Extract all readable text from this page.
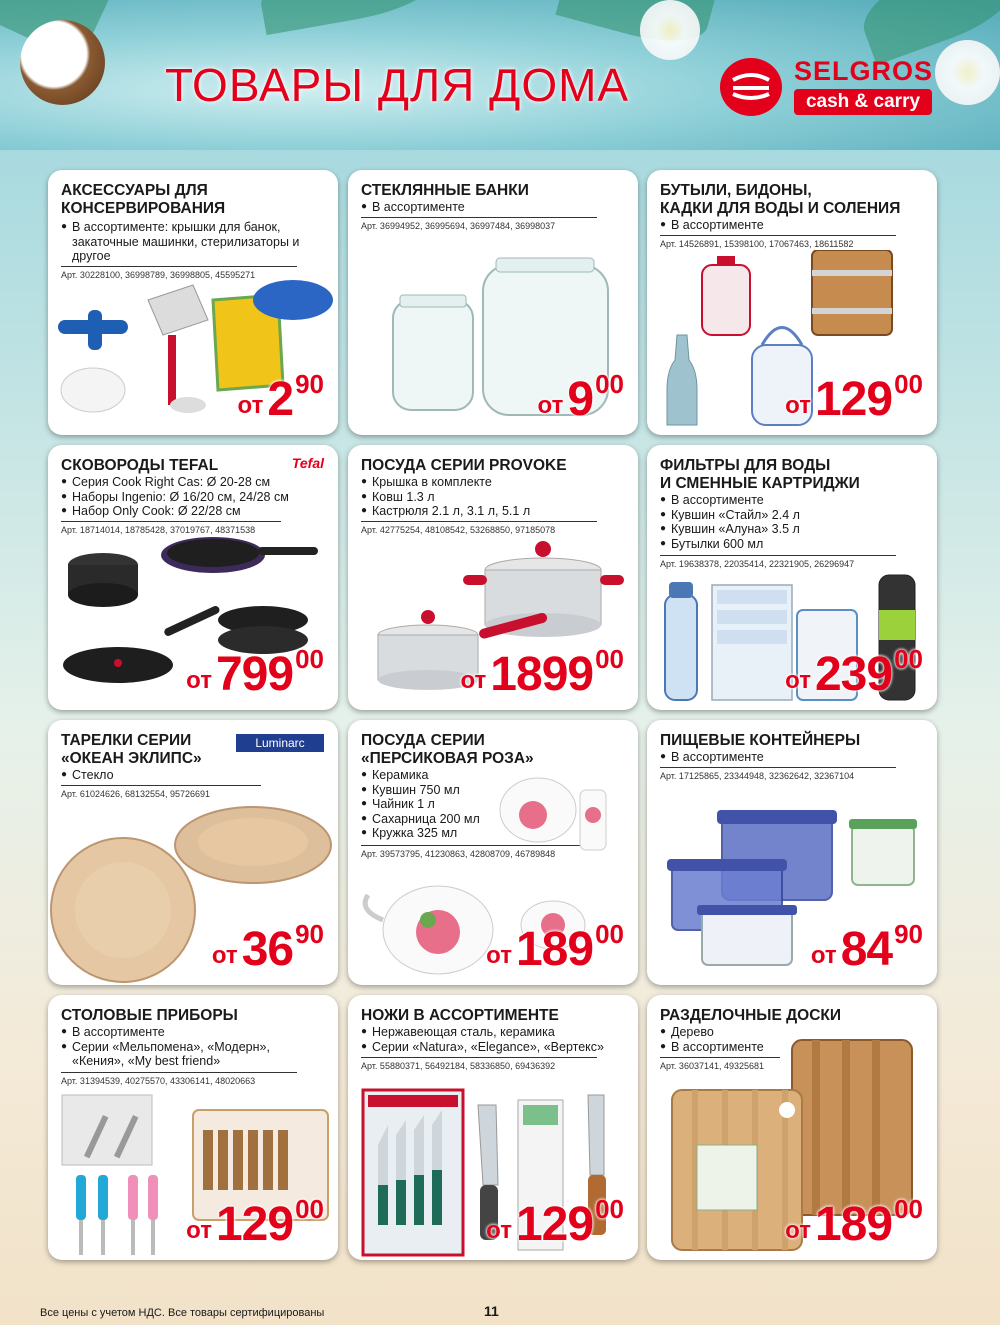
ТОВАРЫ ДЛЯ ДОМА	SELGROS
cash & carry
АКСЕССУАРЫ ДЛЯ
КОНСЕРВИРОВАНИЯ
● В ассортименте: крышки для банок, закаточные машинки, стерилизаторы и другое
Арт. 30228100, 36998789, 36998805, 45595271
от290
СТЕКЛЯННЫЕ БАНКИ
● В ассортименте
Арт. 36994952, 36995694, 36997484, 36998037
от900
БУТЫЛИ, БИДОНЫ,
КАДКИ ДЛЯ ВОДЫ И СОЛЕНИЯ
● В ассортименте
Арт. 14526891, 15398100, 17067463, 18611582
от12900
СКОВОРОДЫ TEFAL	Tefal
● Серия Cook Right Cas: Ø 20-28 см
● Наборы Ingenio: Ø 16/20 см, 24/28 см
● Набор Only Cook: Ø 22/28 см
Арт. 18714014, 18785428, 37019767, 48371538
от79900
ПОСУДА СЕРИИ PROVOKE
● Крышка в комплекте
● Ковш 1.3 л
● Кастрюля 2.1 л, 3.1 л, 5.1 л
Арт. 42775254, 48108542, 53268850, 97185078
от189900
ФИЛЬТРЫ ДЛЯ ВОДЫ
И СМЕННЫЕ КАРТРИДЖИ
● В ассортименте
● Кувшин «Стайл» 2.4 л
● Кувшин «Алуна» 3.5 л
● Бутылки 600 мл
Арт. 19638378, 22035414, 22321905, 26296947
от23900
ТАРЕЛКИ СЕРИИ
«ОКЕАН ЭКЛИПС»
Luminarc
● Стекло
Арт. 61024626, 68132554, 95726691
от3690
ПОСУДА СЕРИИ
«ПЕРСИКОВАЯ РОЗА»
● Керамика
● Кувшин 750 мл
● Чайник 1 л
● Сахарница 200 мл
● Кружка 325 мл
Арт. 39573795, 41230863, 42808709, 46789848
от18900
ПИЩЕВЫЕ КОНТЕЙНЕРЫ
● В ассортименте
Арт. 17125865, 23344948, 32362642, 32367104
от8490
СТОЛОВЫЕ ПРИБОРЫ
● В ассортименте
● Серии «Мельпомена», «Модерн», «Кения», «My best friend»
Арт. 31394539, 40275570, 43306141, 48020663
от12900
НОЖИ В АССОРТИМЕНТЕ
● Нержавеющая сталь, керамика
● Серии «Natura», «Elegance», «Вертекс»
Арт. 55880371, 56492184, 58336850, 69436392
от12900
РАЗДЕЛОЧНЫЕ ДОСКИ
● Дерево
● В ассортименте
Арт. 36037141, 49325681
от18900
Все цены с учетом НДС. Все товары сертифицированы	11
